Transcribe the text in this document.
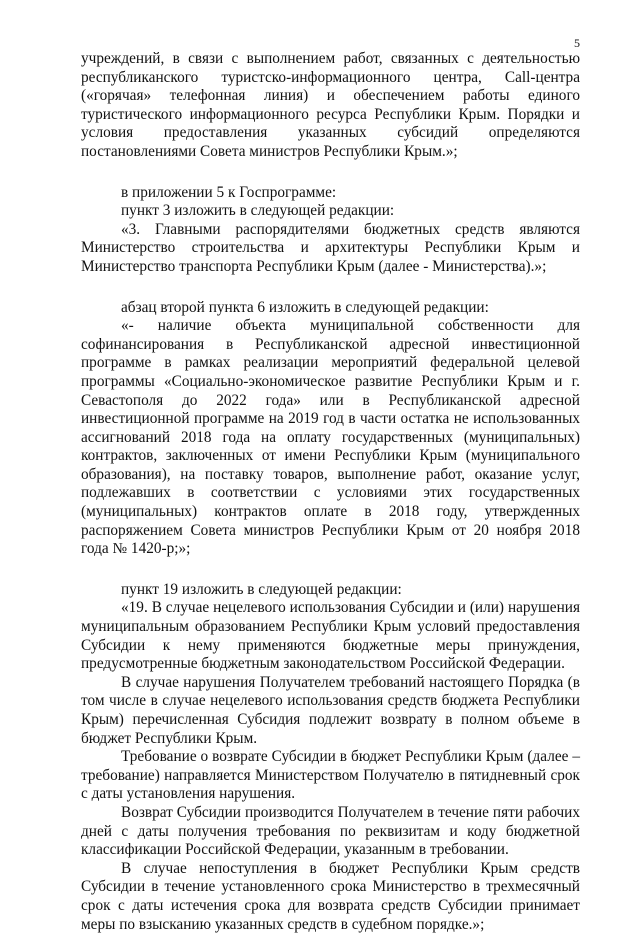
5

учреждений, в связи с выполнением работ, связанных с деятельностью республиканского туристско-информационного центра, Call-центра («горячая» телефонная линия) и обеспечением работы единого туристического информационного ресурса Республики Крым. Порядки и условия предоставления указанных субсидий определяются постановлениями Совета министров Республики Крым.»;

в приложении 5 к Госпрограмме:

пункт 3 изложить в следующей редакции:

«3. Главными распорядителями бюджетных средств являются Министерство строительства и архитектуры Республики Крым и Министерство транспорта Республики Крым (далее - Министерства).»;

абзац второй пункта 6 изложить в следующей редакции:

«- наличие объекта муниципальной собственности для софинансирования в Республиканской адресной инвестиционной программе в рамках реализации мероприятий федеральной целевой программы «Социально-экономическое развитие Республики Крым и г. Севастополя до 2022 года» или в Республиканской адресной инвестиционной программе на 2019 год в части остатка не использованных ассигнований 2018 года на оплату государственных (муниципальных) контрактов, заключенных от имени Республики Крым (муниципального образования), на поставку товаров, выполнение работ, оказание услуг, подлежавших в соответствии с условиями этих государственных (муниципальных) контрактов оплате в 2018 году, утвержденных распоряжением Совета министров Республики Крым от 20 ноября 2018 года № 1420-р;»;

пункт 19 изложить в следующей редакции:

«19. В случае нецелевого использования Субсидии и (или) нарушения муниципальным образованием Республики Крым условий предоставления Субсидии к нему применяются бюджетные меры принуждения, предусмотренные бюджетным законодательством Российской Федерации.

В случае нарушения Получателем требований настоящего Порядка (в том числе в случае нецелевого использования средств бюджета Республики Крым) перечисленная Субсидия подлежит возврату в полном объеме в бюджет Республики Крым.

Требование о возврате Субсидии в бюджет Республики Крым (далее – требование) направляется Министерством Получателю в пятидневный срок с даты установления нарушения.

Возврат Субсидии производится Получателем в течение пяти рабочих дней с даты получения требования по реквизитам и коду бюджетной классификации Российской Федерации, указанным в требовании.

В случае непоступления в бюджет Республики Крым средств Субсидии в течение установленного срока Министерство в трехмесячный срок с даты истечения срока для возврата средств Субсидии принимает меры по взысканию указанных средств в судебном порядке.»;
